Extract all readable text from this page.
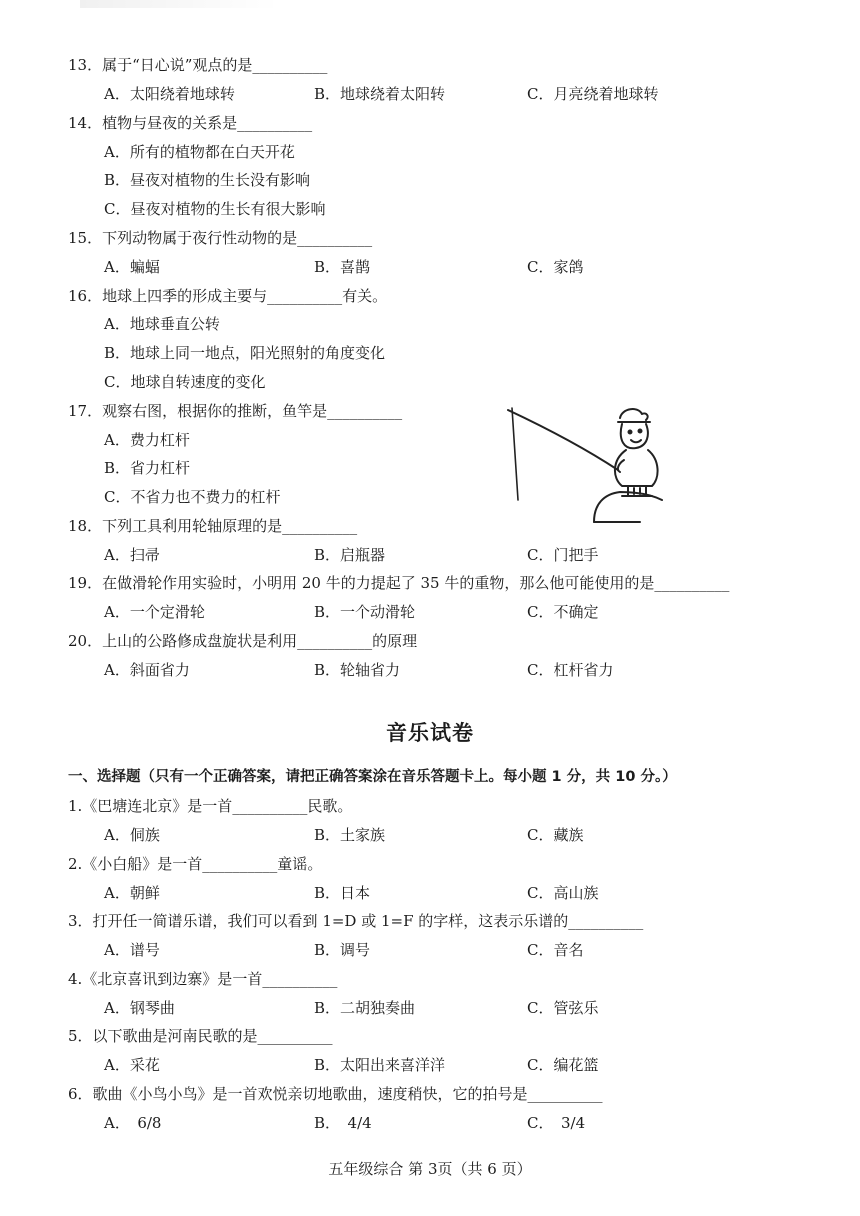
13．属于“日心说”观点的是__________
A．太阳绕着地球转	B．地球绕着太阳转	C．月亮绕着地球转
14．植物与昼夜的关系是__________
A．所有的植物都在白天开花
B．昼夜对植物的生长没有影响
C．昼夜对植物的生长有很大影响
15．下列动物属于夜行性动物的是__________
A．蝙蝠	B．喜鹊	C．家鸽
16．地球上四季的形成主要与__________有关。
A．地球垂直公转
B．地球上同一地点，阳光照射的角度变化
C．地球自转速度的变化
17．观察右图，根据你的推断，鱼竿是__________
A．费力杠杆
B．省力杠杆
C．不省力也不费力的杠杆
18．下列工具利用轮轴原理的是__________
A．扫帚	B．启瓶器	C．门把手
19．在做滑轮作用实验时，小明用 20 牛的力提起了 35 牛的重物，那么他可能使用的是__________
A．一个定滑轮	B．一个动滑轮	C．不确定
20．上山的公路修成盘旋状是利用__________的原理
A．斜面省力	B．轮轴省力	C．杠杆省力
音乐试卷
一、选择题（只有一个正确答案，请把正确答案涂在音乐答题卡上。每小题 1 分，共 10 分。）
1.《巴塘连北京》是一首__________民歌。
A．侗族	B．土家族	C．藏族
2.《小白船》是一首__________童谣。
A．朝鲜	B．日本	C．高山族
3．打开任一简谱乐谱，我们可以看到 1=D 或 1=F 的字样，这表示乐谱的__________
A．谱号	B．调号	C．音名
4.《北京喜讯到边寨》是一首__________
A．钢琴曲	B．二胡独奏曲	C．管弦乐
5．以下歌曲是河南民歌的是__________
A．采花	B．太阳出来喜洋洋	C．编花篮
6．歌曲《小鸟小鸟》是一首欢悦亲切地歌曲，速度稍快，它的拍号是__________
A．　6/8	B．　4/4	C．　3/4
五年级综合 第 3页（共 6 页）
